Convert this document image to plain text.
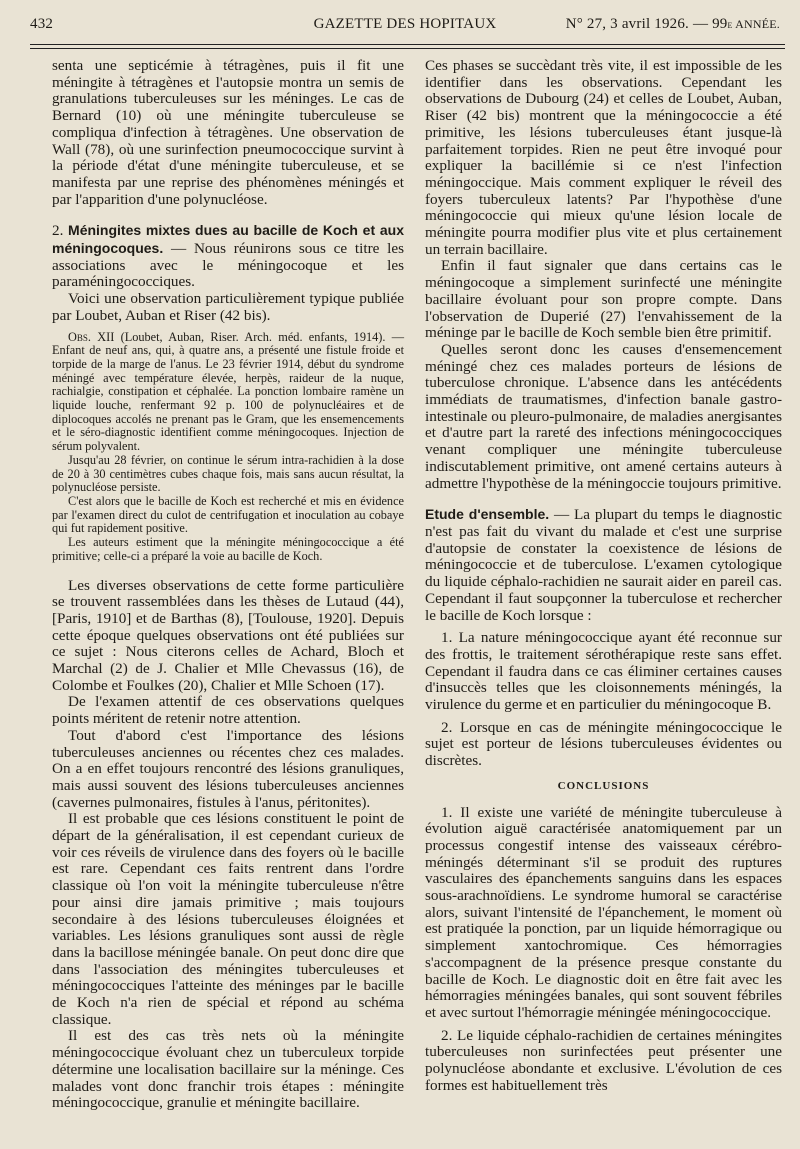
432	GAZETTE DES HOPITAUX	N° 27, 3 avril 1926. — 99e ANNÉE.

senta une septicémie à tétragènes, puis il fit une méningite à tétragènes et l'autopsie montra un semis de granulations tuberculeuses sur les méninges. Le cas de Bernard (10) où une méningite tuberculeuse se compliqua d'infection à tétragènes. Une observation de Wall (78), où une surinfection pneumococcique survint à la période d'état d'une méningite tuberculeuse, et se manifesta par une reprise des phénomènes méningés et par l'apparition d'une polynucléose.

2. Méningites mixtes dues au bacille de Koch et aux méningocoques. — Nous réunirons sous ce titre les associations avec le méningocoque et les paraméningococciques.

Voici une observation particulièrement typique publiée par Loubet, Auban et Riser (42 bis).

Obs. XII (Loubet, Auban, Riser. Arch. méd. enfants, 1914). — Enfant de neuf ans, qui, à quatre ans, a présenté une fistule froide et torpide de la marge de l'anus. Le 23 février 1914, début du syndrome méningé avec température élevée, herpès, raideur de la nuque, rachialgie, constipation et céphalée. La ponction lombaire ramène un liquide louche, renfermant 92 p. 100 de polynucléaires et de diplocoques accolés ne prenant pas le Gram, que les ensemencements et le séro-diagnostic identifient comme méningocoques. Injection de sérum polyvalent.

Jusqu'au 28 février, on continue le sérum intra-rachidien à la dose de 20 à 30 centimètres cubes chaque fois, mais sans aucun résultat, la polynucléose persiste.

C'est alors que le bacille de Koch est recherché et mis en évidence par l'examen direct du culot de centrifugation et inoculation au cobaye qui fut rapidement positive.

Les auteurs estiment que la méningite méningococcique a été primitive; celle-ci a préparé la voie au bacille de Koch.

Les diverses observations de cette forme particulière se trouvent rassemblées dans les thèses de Lutaud (44), [Paris, 1910] et de Barthas (8), [Toulouse, 1920]. Depuis cette époque quelques observations ont été publiées sur ce sujet : Nous citerons celles de Achard, Bloch et Marchal (2) de J. Chalier et Mlle Chevassus (16), de Colombe et Foulkes (20), Chalier et Mlle Schoen (17).

De l'examen attentif de ces observations quelques points méritent de retenir notre attention.

Tout d'abord c'est l'importance des lésions tuberculeuses anciennes ou récentes chez ces malades. On a en effet toujours rencontré des lésions granuliques, mais aussi souvent des lésions tuberculeuses anciennes (cavernes pulmonaires, fistules à l'anus, péritonites).

Il est probable que ces lésions constituent le point de départ de la généralisation, il est cependant curieux de voir ces réveils de virulence dans des foyers où le bacille est rare. Cependant ces faits rentrent dans l'ordre classique où l'on voit la méningite tuberculeuse n'être pour ainsi dire jamais primitive ; mais toujours secondaire à des lésions tuberculeuses éloignées et variables. Les lésions granuliques sont aussi de règle dans la bacillose méningée banale. On peut donc dire que dans l'association des méningites tuberculeuses et méningococciques l'atteinte des méninges par le bacille de Koch n'a rien de spécial et répond au schéma classique.

Il est des cas très nets où la méningite méningococcique évoluant chez un tuberculeux torpide détermine une localisation bacillaire sur la méninge. Ces malades vont donc franchir trois étapes : méningite méningococcique, granulie et méningite bacillaire.

Ces phases se succèdant très vite, il est impossible de les identifier dans les observations. Cependant les observations de Dubourg (24) et celles de Loubet, Auban, Riser (42 bis) montrent que la méningococcie a été primitive, les lésions tuberculeuses étant jusque-là parfaitement torpides. Rien ne peut être invoqué pour expliquer la bacillémie si ce n'est l'infection méningoccique. Mais comment expliquer le réveil des foyers tuberculeux latents? Par l'hypothèse d'une méningococcie qui mieux qu'une lésion locale de méningite pourra modifier plus vite et plus certainement un terrain bacillaire.

Enfin il faut signaler que dans certains cas le méningocoque a simplement surinfecté une méningite bacillaire évoluant pour son propre compte. Dans l'observation de Duperié (27) l'envahissement de la méninge par le bacille de Koch semble bien être primitif.

Quelles seront donc les causes d'ensemencement méningé chez ces malades porteurs de lésions de tuberculose chronique. L'absence dans les antécédents immédiats de traumatismes, d'infection banale gastro-intestinale ou pleuro-pulmonaire, de maladies anergisantes et d'autre part la rareté des infections méningococciques venant compliquer une méningite tuberculeuse indiscutablement primitive, ont amené certains auteurs à admettre l'hypothèse de la méningoccie toujours primitive.

Etude d'ensemble. — La plupart du temps le diagnostic n'est pas fait du vivant du malade et c'est une surprise d'autopsie de constater la coexistence de lésions de méningococcie et de tuberculose. L'examen cytologique du liquide céphalo-rachidien ne saurait aider en pareil cas. Cependant il faut soupçonner la tuberculose et rechercher le bacille de Koch lorsque :

1. La nature méningococcique ayant été reconnue sur des frottis, le traitement sérothérapique reste sans effet. Cependant il faudra dans ce cas éliminer certaines causes d'insuccès telles que les cloisonnements méningés, la virulence du germe et en particulier du méningocoque B.

2. Lorsque en cas de méningite méningococcique le sujet est porteur de lésions tuberculeuses évidentes ou discrètes.

CONCLUSIONS

1. Il existe une variété de méningite tuberculeuse à évolution aiguë caractérisée anatomiquement par un processus congestif intense des vaisseaux cérébro-méningés déterminant s'il se produit des ruptures vasculaires des épanchements sanguins dans les espaces sous-arachnoïdiens. Le syndrome humoral se caractérise alors, suivant l'intensité de l'épanchement, le moment où est pratiquée la ponction, par un liquide hémorragique ou simplement xantochromique. Ces hémorragies s'accompagnent de la présence presque constante du bacille de Koch. Le diagnostic doit en être fait avec les hémorragies méningées banales, qui sont souvent fébriles et avec surtout l'hémorragie méningée méningococcique.

2. Le liquide céphalo-rachidien de certaines méningites tuberculeuses non surinfectées peut présenter une polynucléose abondante et exclusive. L'évolution de ces formes est habituellement très
